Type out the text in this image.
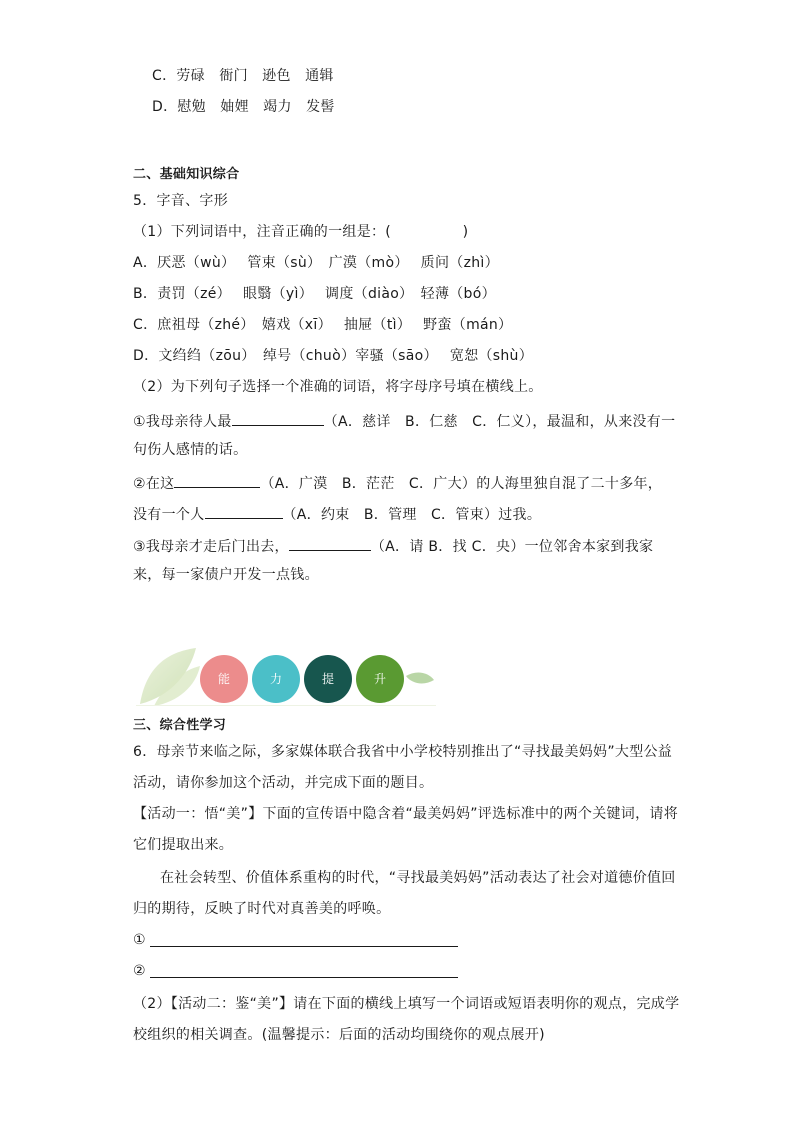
C．劳碌　衙门　逊色　通辑
D．慰勉　妯娌　竭力　发髻
二、基础知识综合
5．字音、字形
（1）下列词语中，注音正确的一组是：(　　　　　)
A．厌恶（wù）　 管束（sù）　广漠（mò）　 质问（zhì）
B．责罚（zé）　 眼翳（yì）　 调度（diào）　轻薄（bó）
C．庶祖母（zhé）　嬉戏（xī）　 抽屉（tì）　 野蛮（mán）
D．文绉绉（zōu）　绰号（chuò）宰骚（sāo）　 宽恕（shù）
（2）为下列句子选择一个准确的词语，将字母序号填在横线上。
①我母亲待人最	（A．慈详　B．仁慈　C．仁义），最温和，从来没有一
句伤人感情的话。
②在这	（A．广漠　B．茫茫　C．广大）的人海里独自混了二十多年，
没有一个人	（A．约束　B．管理　C．管束）过我。
③我母亲才走后门出去，	（A．请 B．找 C．央）一位邻舍本家到我家
来，每一家债户开发一点钱。
能	力	提	升
三、综合性学习
6．母亲节来临之际，多家媒体联合我省中小学校特别推出了“寻找最美妈妈”大型公益
活动，请你参加这个活动，并完成下面的题目。
【活动一：悟“美”】下面的宣传语中隐含着“最美妈妈”评选标准中的两个关键词，请将
它们提取出来。
在社会转型、价值体系重构的时代，“寻找最美妈妈”活动表达了社会对道德价值回
归的期待，反映了时代对真善美的呼唤。
①
②
（2）【活动二：鉴“美”】请在下面的横线上填写一个词语或短语表明你的观点，完成学
校组织的相关调查。(温馨提示：后面的活动均围绕你的观点展开)
